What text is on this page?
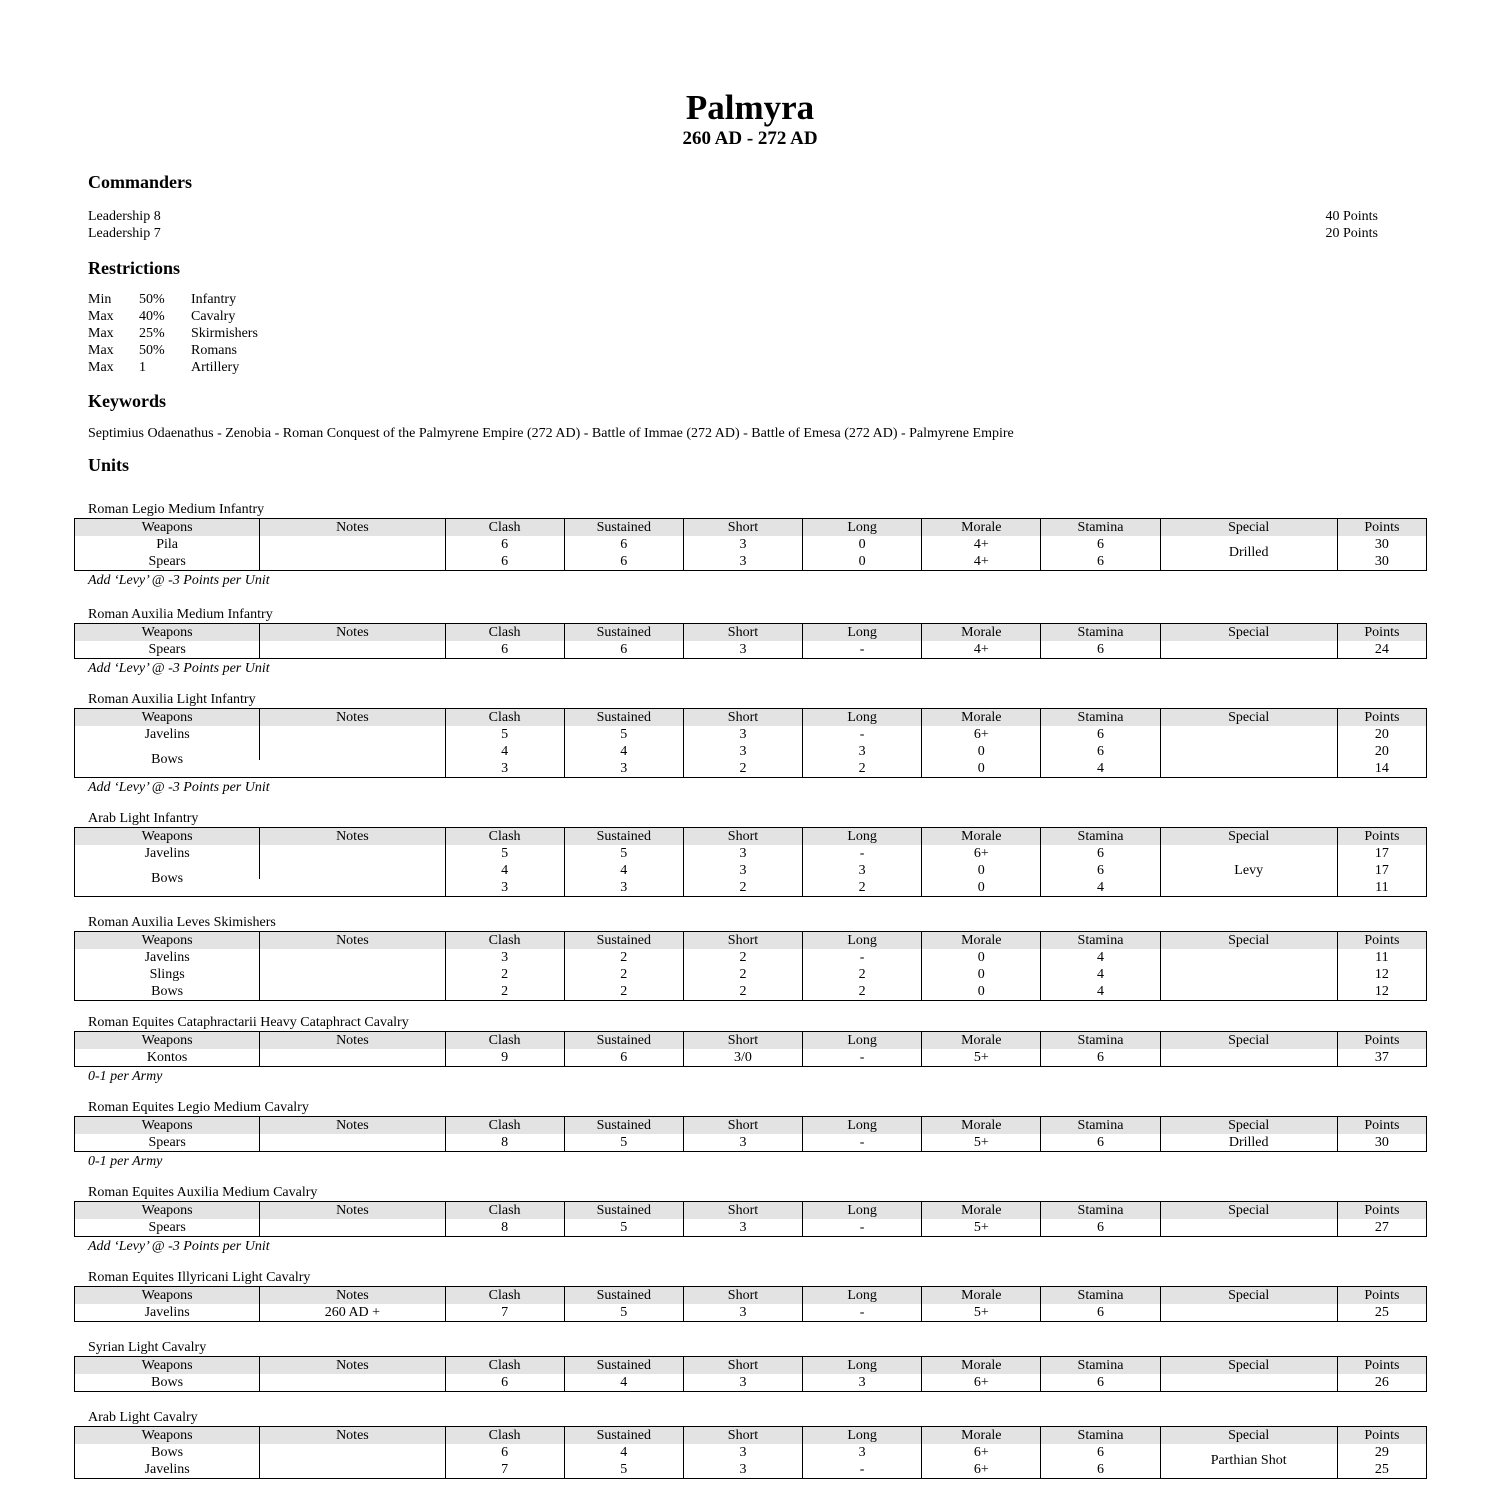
Palmyra
260 AD - 272 AD
Commanders
Leadership 8	40 Points
Leadership 7	20 Points
Restrictions
Min	50%	Infantry
Max	40%	Cavalry
Max	25%	Skirmishers
Max	50%	Romans
Max	1	Artillery
Keywords
Septimius Odaenathus - Zenobia - Roman Conquest of the Palmyrene Empire (272 AD) - Battle of Immae (272 AD) - Battle of Emesa (272 AD) - Palmyrene Empire
Units
Roman Legio Medium Infantry
Weapons	Notes	Clash	Sustained	Short	Long	Morale	Stamina	Special	Points
Pila		6	6	3	0	4+	6	Drilled	30
Spears		6	6	3	0	4+	6		30
Add ‘Levy’ @ -3 Points per Unit
Roman Auxilia Medium Infantry
Weapons	Notes	Clash	Sustained	Short	Long	Morale	Stamina	Special	Points
Spears		6	6	3	-	4+	6		24
Add ‘Levy’ @ -3 Points per Unit
Roman Auxilia Light Infantry
Weapons	Notes	Clash	Sustained	Short	Long	Morale	Stamina	Special	Points
Javelins		5	5	3	-	6+	6		20
Bows		4	4	3	3	0	6		20
		3	3	2	2	0	4		14
Add ‘Levy’ @ -3 Points per Unit
Arab Light Infantry
Weapons	Notes	Clash	Sustained	Short	Long	Morale	Stamina	Special	Points
Javelins		5	5	3	-	6+	6	Levy	17
Bows		4	4	3	3	0	6		17
		3	3	2	2	0	4		11
Roman Auxilia Leves Skimishers
Weapons	Notes	Clash	Sustained	Short	Long	Morale	Stamina	Special	Points
Javelins		3	2	2	-	0	4		11
Slings		2	2	2	2	0	4		12
Bows		2	2	2	2	0	4		12
Roman Equites Cataphractarii Heavy Cataphract Cavalry
Weapons	Notes	Clash	Sustained	Short	Long	Morale	Stamina	Special	Points
Kontos		9	6	3/0	-	5+	6		37
0-1 per Army
Roman Equites Legio Medium Cavalry
Weapons	Notes	Clash	Sustained	Short	Long	Morale	Stamina	Special	Points
Spears		8	5	3	-	5+	6	Drilled	30
0-1 per Army
Roman Equites Auxilia Medium Cavalry
Weapons	Notes	Clash	Sustained	Short	Long	Morale	Stamina	Special	Points
Spears		8	5	3	-	5+	6		27
Add ‘Levy’ @ -3 Points per Unit
Roman Equites Illyricani Light Cavalry
Weapons	Notes	Clash	Sustained	Short	Long	Morale	Stamina	Special	Points
Javelins	260 AD +	7	5	3	-	5+	6		25
Syrian Light Cavalry
Weapons	Notes	Clash	Sustained	Short	Long	Morale	Stamina	Special	Points
Bows		6	4	3	3	6+	6		26
Arab Light Cavalry
Weapons	Notes	Clash	Sustained	Short	Long	Morale	Stamina	Special	Points
Bows		6	4	3	3	6+	6	Parthian Shot	29
Javelins		7	5	3	-	6+	6		25
